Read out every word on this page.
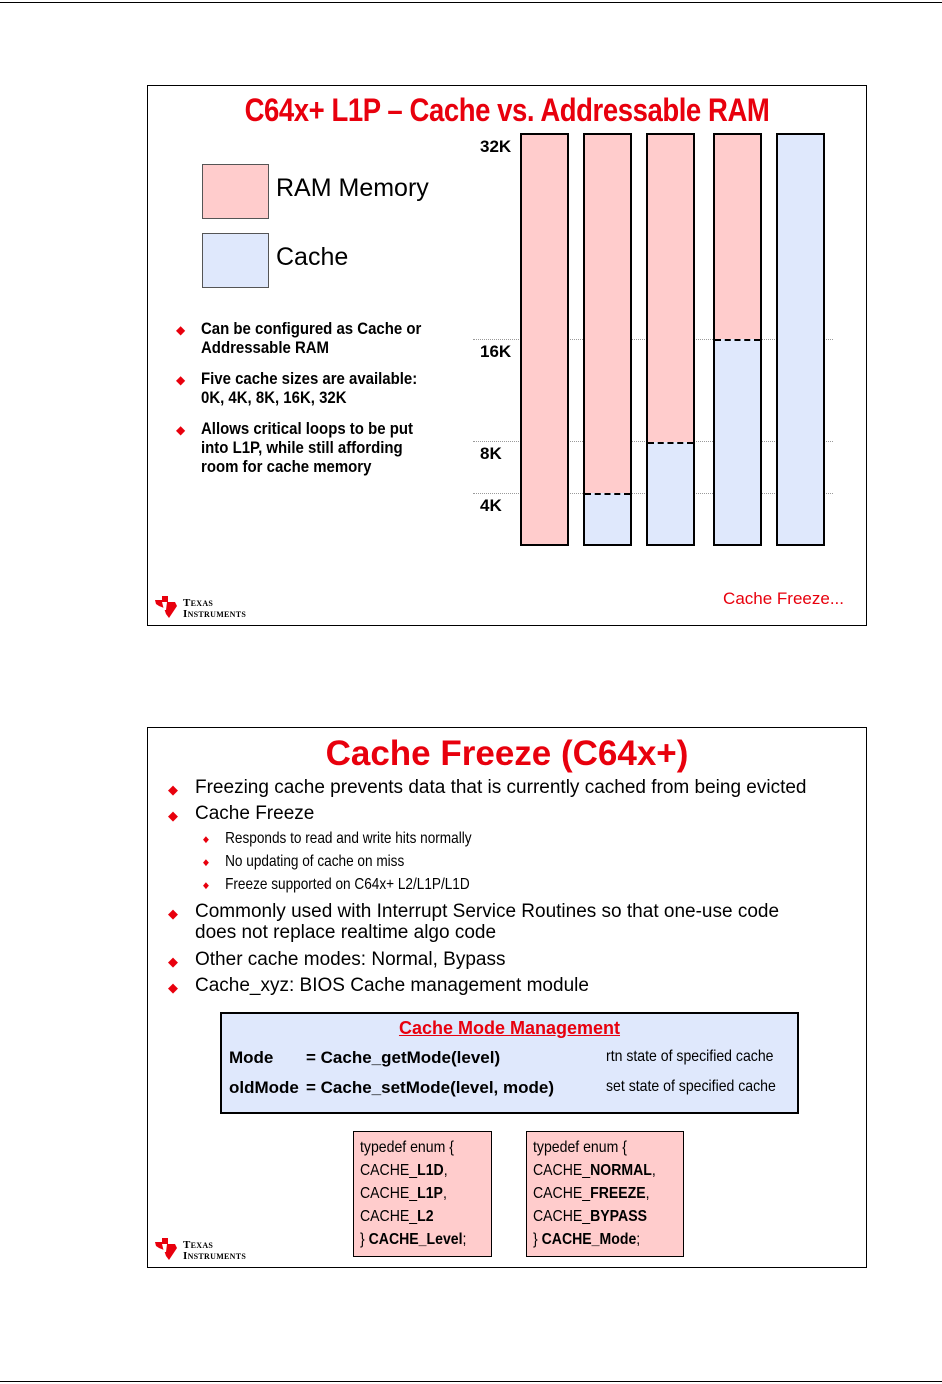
C64x+ L1P – Cache vs. Addressable RAM
RAM Memory
Cache
◆ Can be configured as Cache or
Addressable RAM
◆ Five cache sizes are available:
0K, 4K, 8K, 16K, 32K
◆ Allows critical loops to be put
into L1P, while still affording
room for cache memory
32K
16K
8K
4K
Cache Freeze...
Texas
Instruments
Cache Freeze (C64x+)
◆ Freezing cache prevents data that is currently cached from being evicted
◆ Cache Freeze
◆ Responds to read and write hits normally
◆ No updating of cache on miss
◆ Freeze supported on C64x+ L2/L1P/L1D
◆ Commonly used with Interrupt Service Routines so that one-use code
does not replace realtime algo code
◆ Other cache modes: Normal, Bypass
◆ Cache_xyz: BIOS Cache management module
Cache Mode Management
Mode = Cache_getMode(level)	rtn state of specified cache
oldMode = Cache_setMode(level, mode)	set state of specified cache
typedef enum {
CACHE_L1D,
CACHE_L1P,
CACHE_L2
} CACHE_Level;
typedef enum {
CACHE_NORMAL,
CACHE_FREEZE,
CACHE_BYPASS
} CACHE_Mode;
Texas
Instruments
